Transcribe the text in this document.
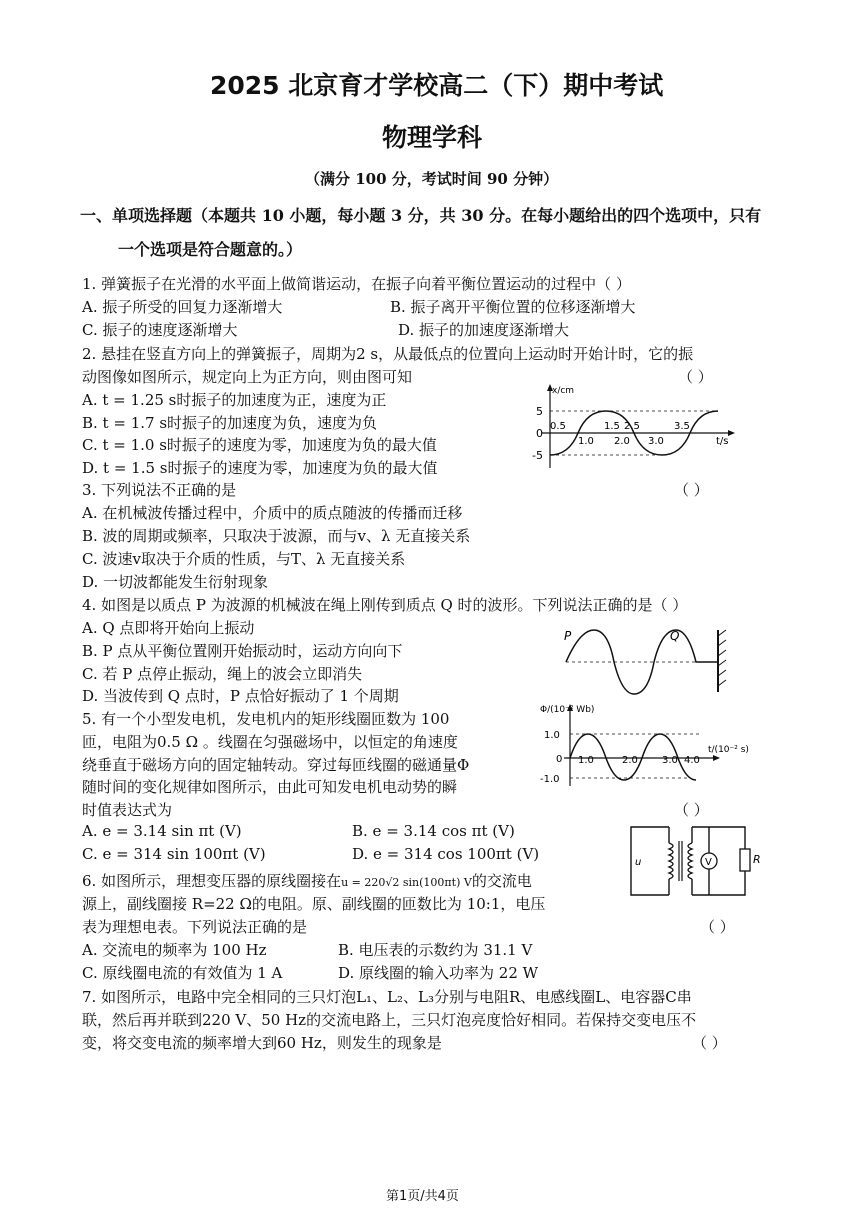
2025 北京育才学校高二（下）期中考试
物理学科
（满分 100 分，考试时间 90 分钟）
一、单项选择题（本题共 10 小题，每小题 3 分，共 30 分。在每小题给出的四个选项中，只有
一个选项是符合题意的。）
1. 弹簧振子在光滑的水平面上做简谐运动，在振子向着平衡位置运动的过程中（ ）
A. 振子所受的回复力逐渐增大	B. 振子离开平衡位置的位移逐渐增大
C. 振子的速度逐渐增大	D. 振子的加速度逐渐增大
2. 悬挂在竖直方向上的弹簧振子，周期为2 s，从最低点的位置向上运动时开始计时，它的振
动图像如图所示，规定向上为正方向，则由图可知	（ ）
A. t = 1.25 s时振子的加速度为正，速度为正
B. t = 1.7 s时振子的加速度为负，速度为负
C. t = 1.0 s时振子的速度为零，加速度为负的最大值
D. t = 1.5 s时振子的速度为零，加速度为负的最大值
x/cm
5
0
-5
0.5
1.0
1.5
2.0
2.5
3.0
3.5
t/s
3. 下列说法不正确的是	（ ）
A. 在机械波传播过程中，介质中的质点随波的传播而迁移
B. 波的周期或频率，只取决于波源，而与v、λ 无直接关系
C. 波速v取决于介质的性质，与T、λ 无直接关系
D. 一切波都能发生衍射现象
4. 如图是以质点 P 为波源的机械波在绳上刚传到质点 Q 时的波形。下列说法正确的是（ ）
A. Q 点即将开始向上振动
B. P 点从平衡位置刚开始振动时，运动方向向下
C. 若 P 点停止振动，绳上的波会立即消失
D. 当波传到 Q 点时，P 点恰好振动了 1 个周期
P	Q
5. 有一个小型发电机，发电机内的矩形线圈匝数为 100
匝，电阻为0.5 Ω 。线圈在匀强磁场中，以恒定的角速度
绕垂直于磁场方向的固定轴转动。穿过每匝线圈的磁通量Φ
随时间的变化规律如图所示，由此可知发电机电动势的瞬
时值表达式为	（ ）
A. e = 3.14 sin πt (V)	B. e = 3.14 cos πt (V)
C. e = 314 sin 100πt (V)	D. e = 314 cos 100πt (V)
Φ/(10⁻² Wb)
1.0
0
-1.0
1.0	2.0 3.0 4.0
t/(10⁻² s)
6. 如图所示，理想变压器的原线圈接在u = 220√2 sin(100πt) V的交流电
源上，副线圈接 R=22 Ω的电阻。原、副线圈的匝数比为 10:1，电压
表为理想电表。下列说法正确的是	（ ）
A. 交流电的频率为 100 Hz	B. 电压表的示数约为 31.1 V
C. 原线圈电流的有效值为 1 A	D. 原线圈的输入功率为 22 W
V	R
u
7. 如图所示，电路中完全相同的三只灯泡L₁、L₂、L₃分别与电阻R、电感线圈L、电容器C串
联，然后再并联到220 V、50 Hz的交流电路上，三只灯泡亮度恰好相同。若保持交变电压不
变，将交变电流的频率增大到60 Hz，则发生的现象是	（ ）
第1页/共4页
